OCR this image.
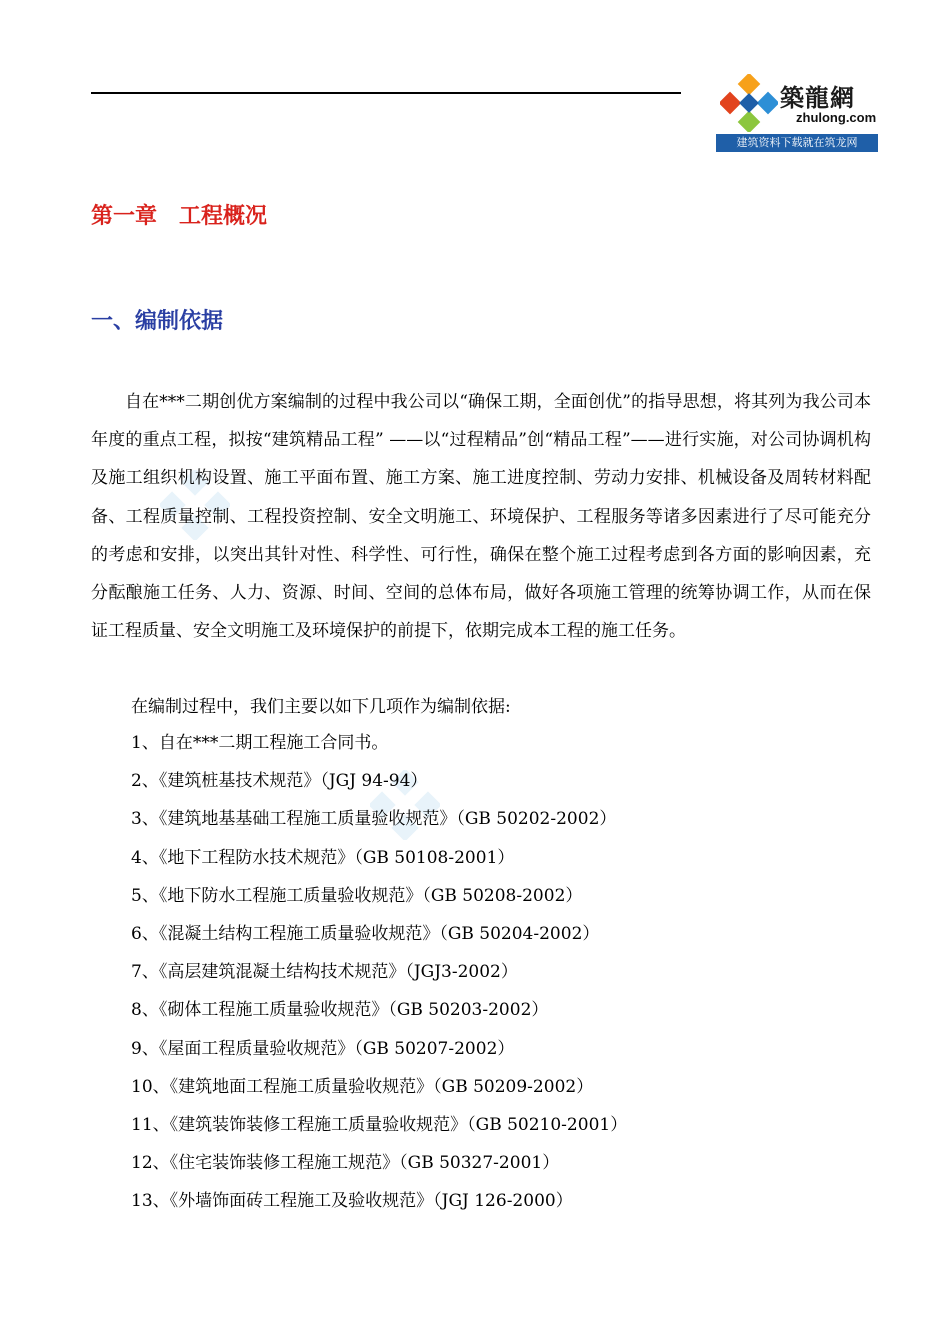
築龍網
zhulong.com
建筑资料下载就在筑龙网
第一章　工程概况
一、编制依据
自在***二期创优方案编制的过程中我公司以“确保工期，全面创优”的指导思想，将其列为我公司本年度的重点工程，拟按“建筑精品工程” ——以“过程精品”创“精品工程”——进行实施，对公司协调机构及施工组织机构设置、施工平面布置、施工方案、施工进度控制、劳动力安排、机械设备及周转材料配备、工程质量控制、工程投资控制、安全文明施工、环境保护、工程服务等诸多因素进行了尽可能充分的考虑和安排，以突出其针对性、科学性、可行性，确保在整个施工过程考虑到各方面的影响因素，充分酝酿施工任务、人力、资源、时间、空间的总体布局，做好各项施工管理的统筹协调工作，从而在保证工程质量、安全文明施工及环境保护的前提下，依期完成本工程的施工任务。
在编制过程中，我们主要以如下几项作为编制依据:
1、自在***二期工程施工合同书。
2、《建筑桩基技术规范》（JGJ 94-94）
3、《建筑地基基础工程施工质量验收规范》（GB 50202-2002）
4、《地下工程防水技术规范》（GB 50108-2001）
5、《地下防水工程施工质量验收规范》（GB 50208-2002）
6、《混凝土结构工程施工质量验收规范》（GB 50204-2002）
7、《高层建筑混凝土结构技术规范》（JGJ3-2002）
8、《砌体工程施工质量验收规范》（GB 50203-2002）
9、《屋面工程质量验收规范》（GB 50207-2002）
10、《建筑地面工程施工质量验收规范》（GB 50209-2002）
11、《建筑装饰装修工程施工质量验收规范》（GB 50210-2001）
12、《住宅装饰装修工程施工规范》（GB 50327-2001）
13、《外墙饰面砖工程施工及验收规范》（JGJ 126-2000）
